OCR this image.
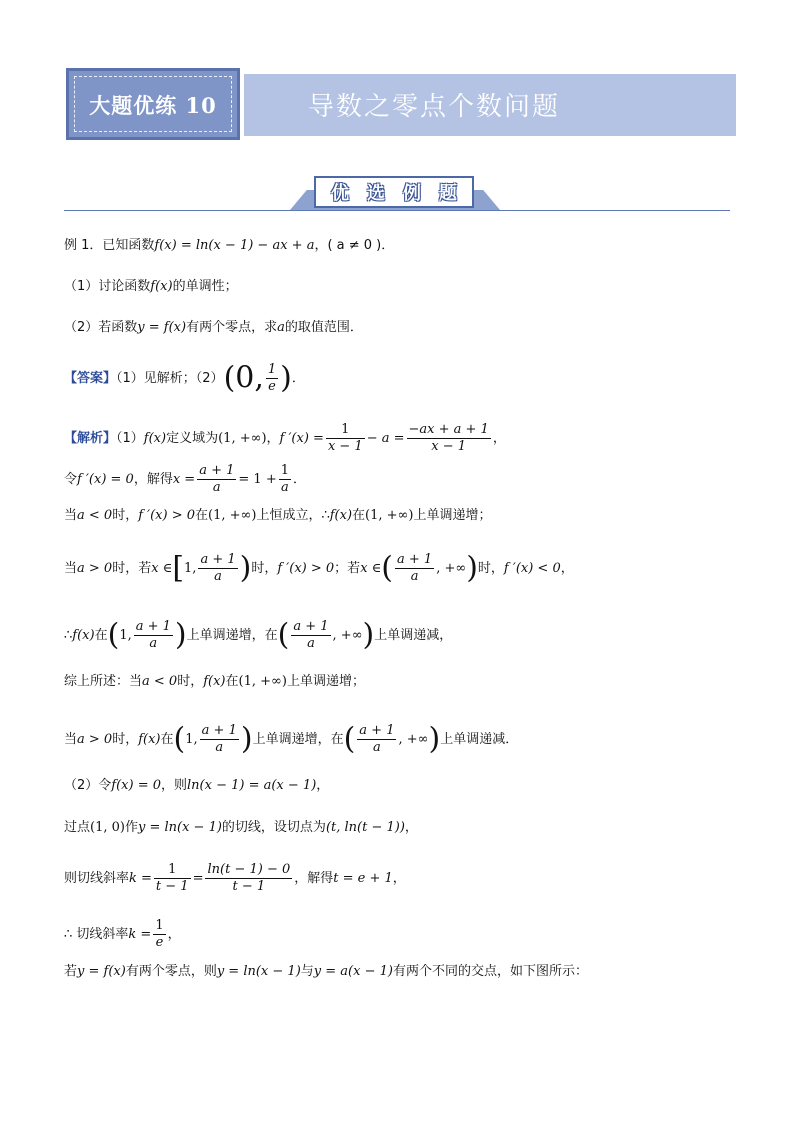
大题优练 10	导数之零点个数问题
优 选 例 题
例 1．已知函数f(x) = ln(x − 1) − ax + a，( a ≠ 0 )．
（1）讨论函数f(x)的单调性；
（2）若函数y = f(x)有两个零点，求a的取值范围．
【答案】（1）见解析；（2）(0, $\frac{1}{e}$ )．
【解析】（1）f(x)定义域为(1, +∞)，f $'(x) = \frac{1}{x - 1} - a = \frac{-ax + a + 1}{x - 1}$ ，
令f ′(x) = 0，解得$x = \frac{a + 1}{a} = 1 + \frac{1}{a}$ ．
当a < 0时，f ′(x) > 0在(1, +∞)上恒成立，∴f(x)在(1, +∞)上单调递增；
当a > 0时，若x ∈[1, $\frac{a + 1}{a}$ )时，f ′(x) > 0；若x ∈( $\frac{a + 1}{a}$ , +∞)时，f ′(x) < 0，
∴f(x)在(1, $\frac{a + 1}{a}$ )上单调递增，在( $\frac{a + 1}{a}$ , +∞)上单调递减，
综上所述：当a < 0时，f(x)在(1, +∞)上单调递增；
当a > 0时，f(x)在(1, $\frac{a + 1}{a}$ )上单调递增，在( $\frac{a + 1}{a}$ , +∞)上单调递减．
（2）令f(x) = 0，则ln(x − 1) = a(x − 1)，
过点(1, 0)作y = ln(x − 1)的切线，设切点为(t, ln(t − 1))，
则切线斜率$k = \frac{1}{t - 1} = \frac{\ln(t - 1) - 0}{t - 1}$ ，解得t = e + 1，
∴ 切线斜率$k = \frac{1}{e}$ ，
若y = f(x)有两个零点，则y = ln(x − 1)与y = a(x − 1)有两个不同的交点，如下图所示：
